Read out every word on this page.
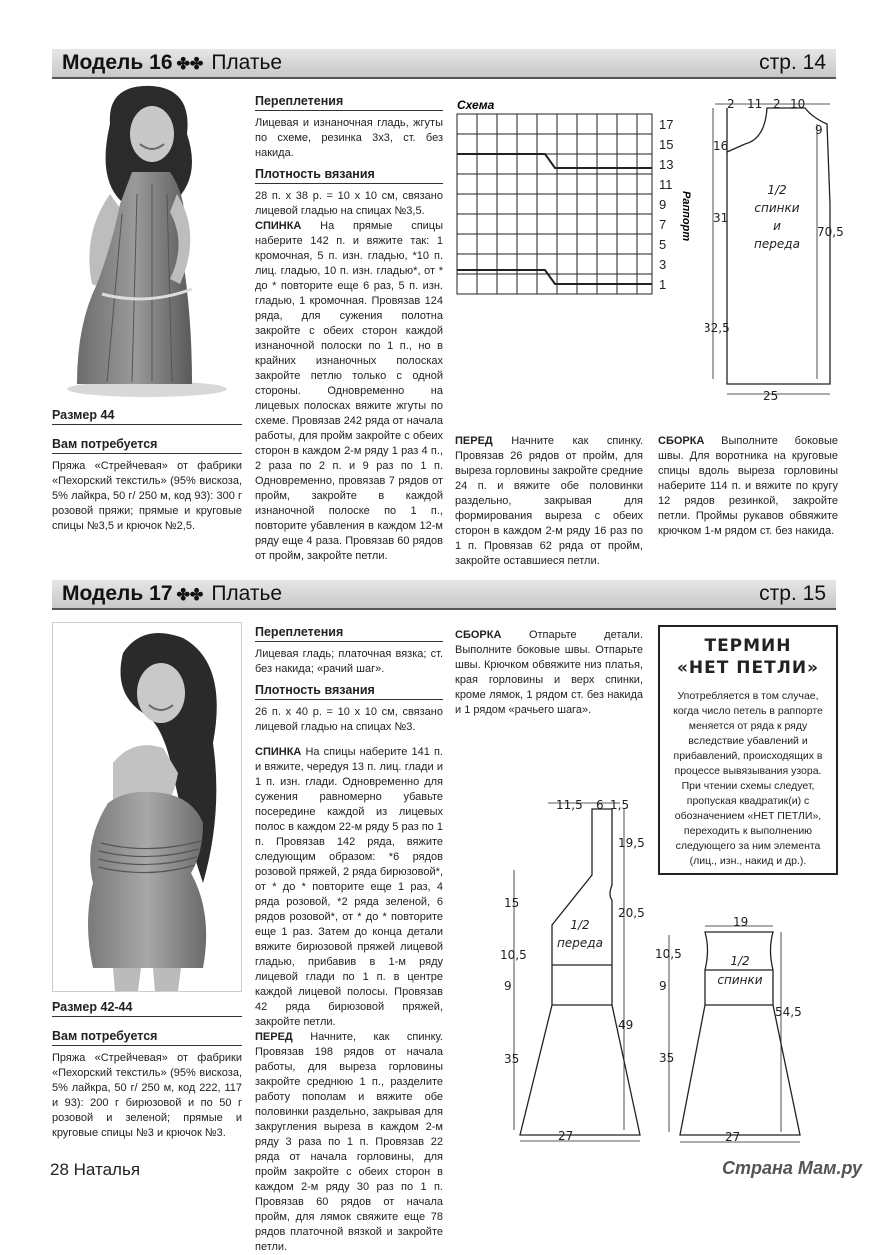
Модель 16 ✤✤ Платье	стр. 14
Размер 44
Вам потребуется
Пряжа «Стрейчевая» от фабрики «Пехорский текстиль» (95% вискоза, 5% лайкра, 50 г/ 250 м, код 93): 300 г розовой пряжи; прямые и круговые спицы №3,5 и крючок №2,5.
Переплетения
Лицевая и изнаночная гладь, жгуты по схеме, резинка 3х3, ст. без накида.
Плотность вязания
28 п. х 38 р. = 10 х 10 см, связано лицевой гладью на спицах №3,5.
СПИНКА На прямые спицы наберите 142 п. и вяжите так: 1 кромочная, 5 п. изн. гладью, *10 п. лиц. гладью, 10 п. изн. гладью*, от * до * повторите еще 6 раз, 5 п. изн. гладью, 1 кромочная. Провязав 124 ряда, для сужения полотна закройте с обеих сторон каждой изнаночной полоски по 1 п., но в крайних изнаночных полосках закройте петлю только с одной стороны. Одновременно на лицевых полосках вяжите жгуты по схеме. Провязав 242 ряда от начала работы, для пройм закройте с обеих сторон в каждом 2-м ряду 1 раз 4 п., 2 раза по 2 п. и 9 раз по 1 п. Одновременно, провязав 7 рядов от пройм, закройте в каждой изнаночной полоске по 1 п., повторите убавления в каждом 12-м ряду еще 4 раза. Провязав 60 рядов от пройм, закройте петли.
Схема
17
15
13
11
9
7
5
3
1
Раппорт
2 11 2 10
16
9
31
70,5
32,5
25
1/2
спинки
и
переда
ПЕРЕД Начните как спинку. Провязав 26 рядов от пройм, для выреза горловины закройте средние 24 п. и вяжите обе половинки раздельно, закрывая для формирования выреза с обеих сторон в каждом 2-м ряду 16 раз по 1 п. Провязав 62 ряда от пройм, закройте оставшиеся петли.
СБОРКА Выполните боковые швы. Для воротника на круговые спицы вдоль выреза горловины наберите 114 п. и вяжите по кругу 12 рядов резинкой, закройте петли. Проймы рукавов обвяжите крючком 1-м рядом ст. без накида.
Модель 17 ✤✤ Платье	стр. 15
Размер 42-44
Вам потребуется
Пряжа «Стрейчевая» от фабрики «Пехорский текстиль» (95% вискоза, 5% лайкра, 50 г/ 250 м, код 222, 117 и 93): 200 г бирюзовой и по 50 г розовой и зеленой; прямые и круговые спицы №3 и крючок №3.
Переплетения
Лицевая гладь; платочная вязка; ст. без накида; «рачий шаг».
Плотность вязания
26 п. х 40 р. = 10 х 10 см, связано лицевой гладью на спицах №3.
СПИНКА На спицы наберите 141 п. и вяжите, чередуя 13 п. лиц. глади и 1 п. изн. глади. Одновременно для сужения равномерно убавьте посередине каждой из лицевых полос в каждом 22-м ряду 5 раз по 1 п. Провязав 142 ряда, вяжите следующим образом: *6 рядов розовой пряжей, 2 ряда бирюзовой*, от * до * повторите еще 1 раз, 4 ряда розовой, *2 ряда зеленой, 6 рядов розовой*, от * до * повторите еще 1 раз. Затем до конца детали вяжите бирюзовой пряжей лицевой гладью, прибавив в 1-м ряду лицевой глади по 1 п. в центре каждой лицевой полосы. Провязав 42 ряда бирюзовой пряжей, закройте петли.
ПЕРЕД Начните, как спинку. Провязав 198 рядов от начала работы, для выреза горловины закройте среднюю 1 п., разделите работу пополам и вяжите обе половинки раздельно, закрывая для закругления выреза в каждом 2-м ряду 3 раза по 1 п. Провязав 22 ряда от начала горловины, для пройм закройте с обеих сторон в каждом 2-м ряду 30 раз по 1 п. Провязав 60 рядов от начала пройм, для лямок свяжите еще 78 рядов платочной вязкой и закройте петли.
СБОРКА	Отпарьте детали. Выполните боковые швы. Отпарьте швы. Крючком обвяжите низ платья, края горловины и верх спинки, кроме лямок, 1 рядом ст. без накида и 1 рядом «рачьего шага».
ТЕРМИН
«НЕТ ПЕТЛИ»
Употребляется в том случае, когда число петель в раппорте меняется от ряда к ряду вследствие убавлений и прибавлений, происходящих в процессе вывязывания узора. При чтении схемы следует, пропуская квадратик(и) с обозначением «НЕТ ПЕТЛИ», переходить к выполнению следующего за ним элемента (лиц., изн., накид и др.).
11,5 6 1,5
19,5
15
20,5
10,5
9
49
35
27
1/2
переда
19
10,5
9
54,5
35
27
1/2
спинки
28 Наталья	Страна Мам.ру
